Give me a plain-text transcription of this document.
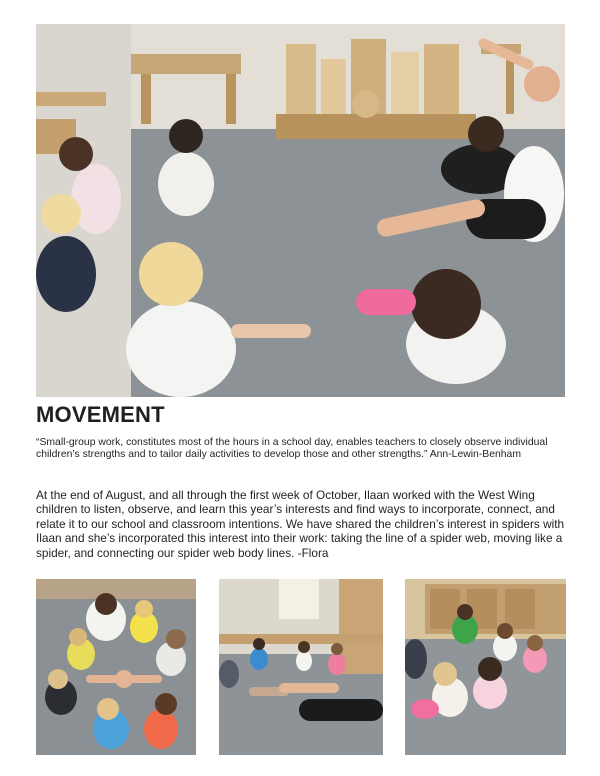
MOVEMENT

“Small-group work, constitutes most of the hours in a school day, enables teachers to closely observe individual children’s strengths and to tailor daily activities to develop those and other strengths.” Ann-Lewin-Benham

At the end of August, and all through the first week of October, Ilaan worked with the West Wing children to listen, observe, and learn this year’s interests and find ways to incorporate, connect, and relate it to our school and classroom intentions. We have shared the children’s interest in spiders with Ilaan and she’s incorporated this interest into their work: taking the line of a spider web, moving like a spider, and connecting our spider web body lines. -Flora
